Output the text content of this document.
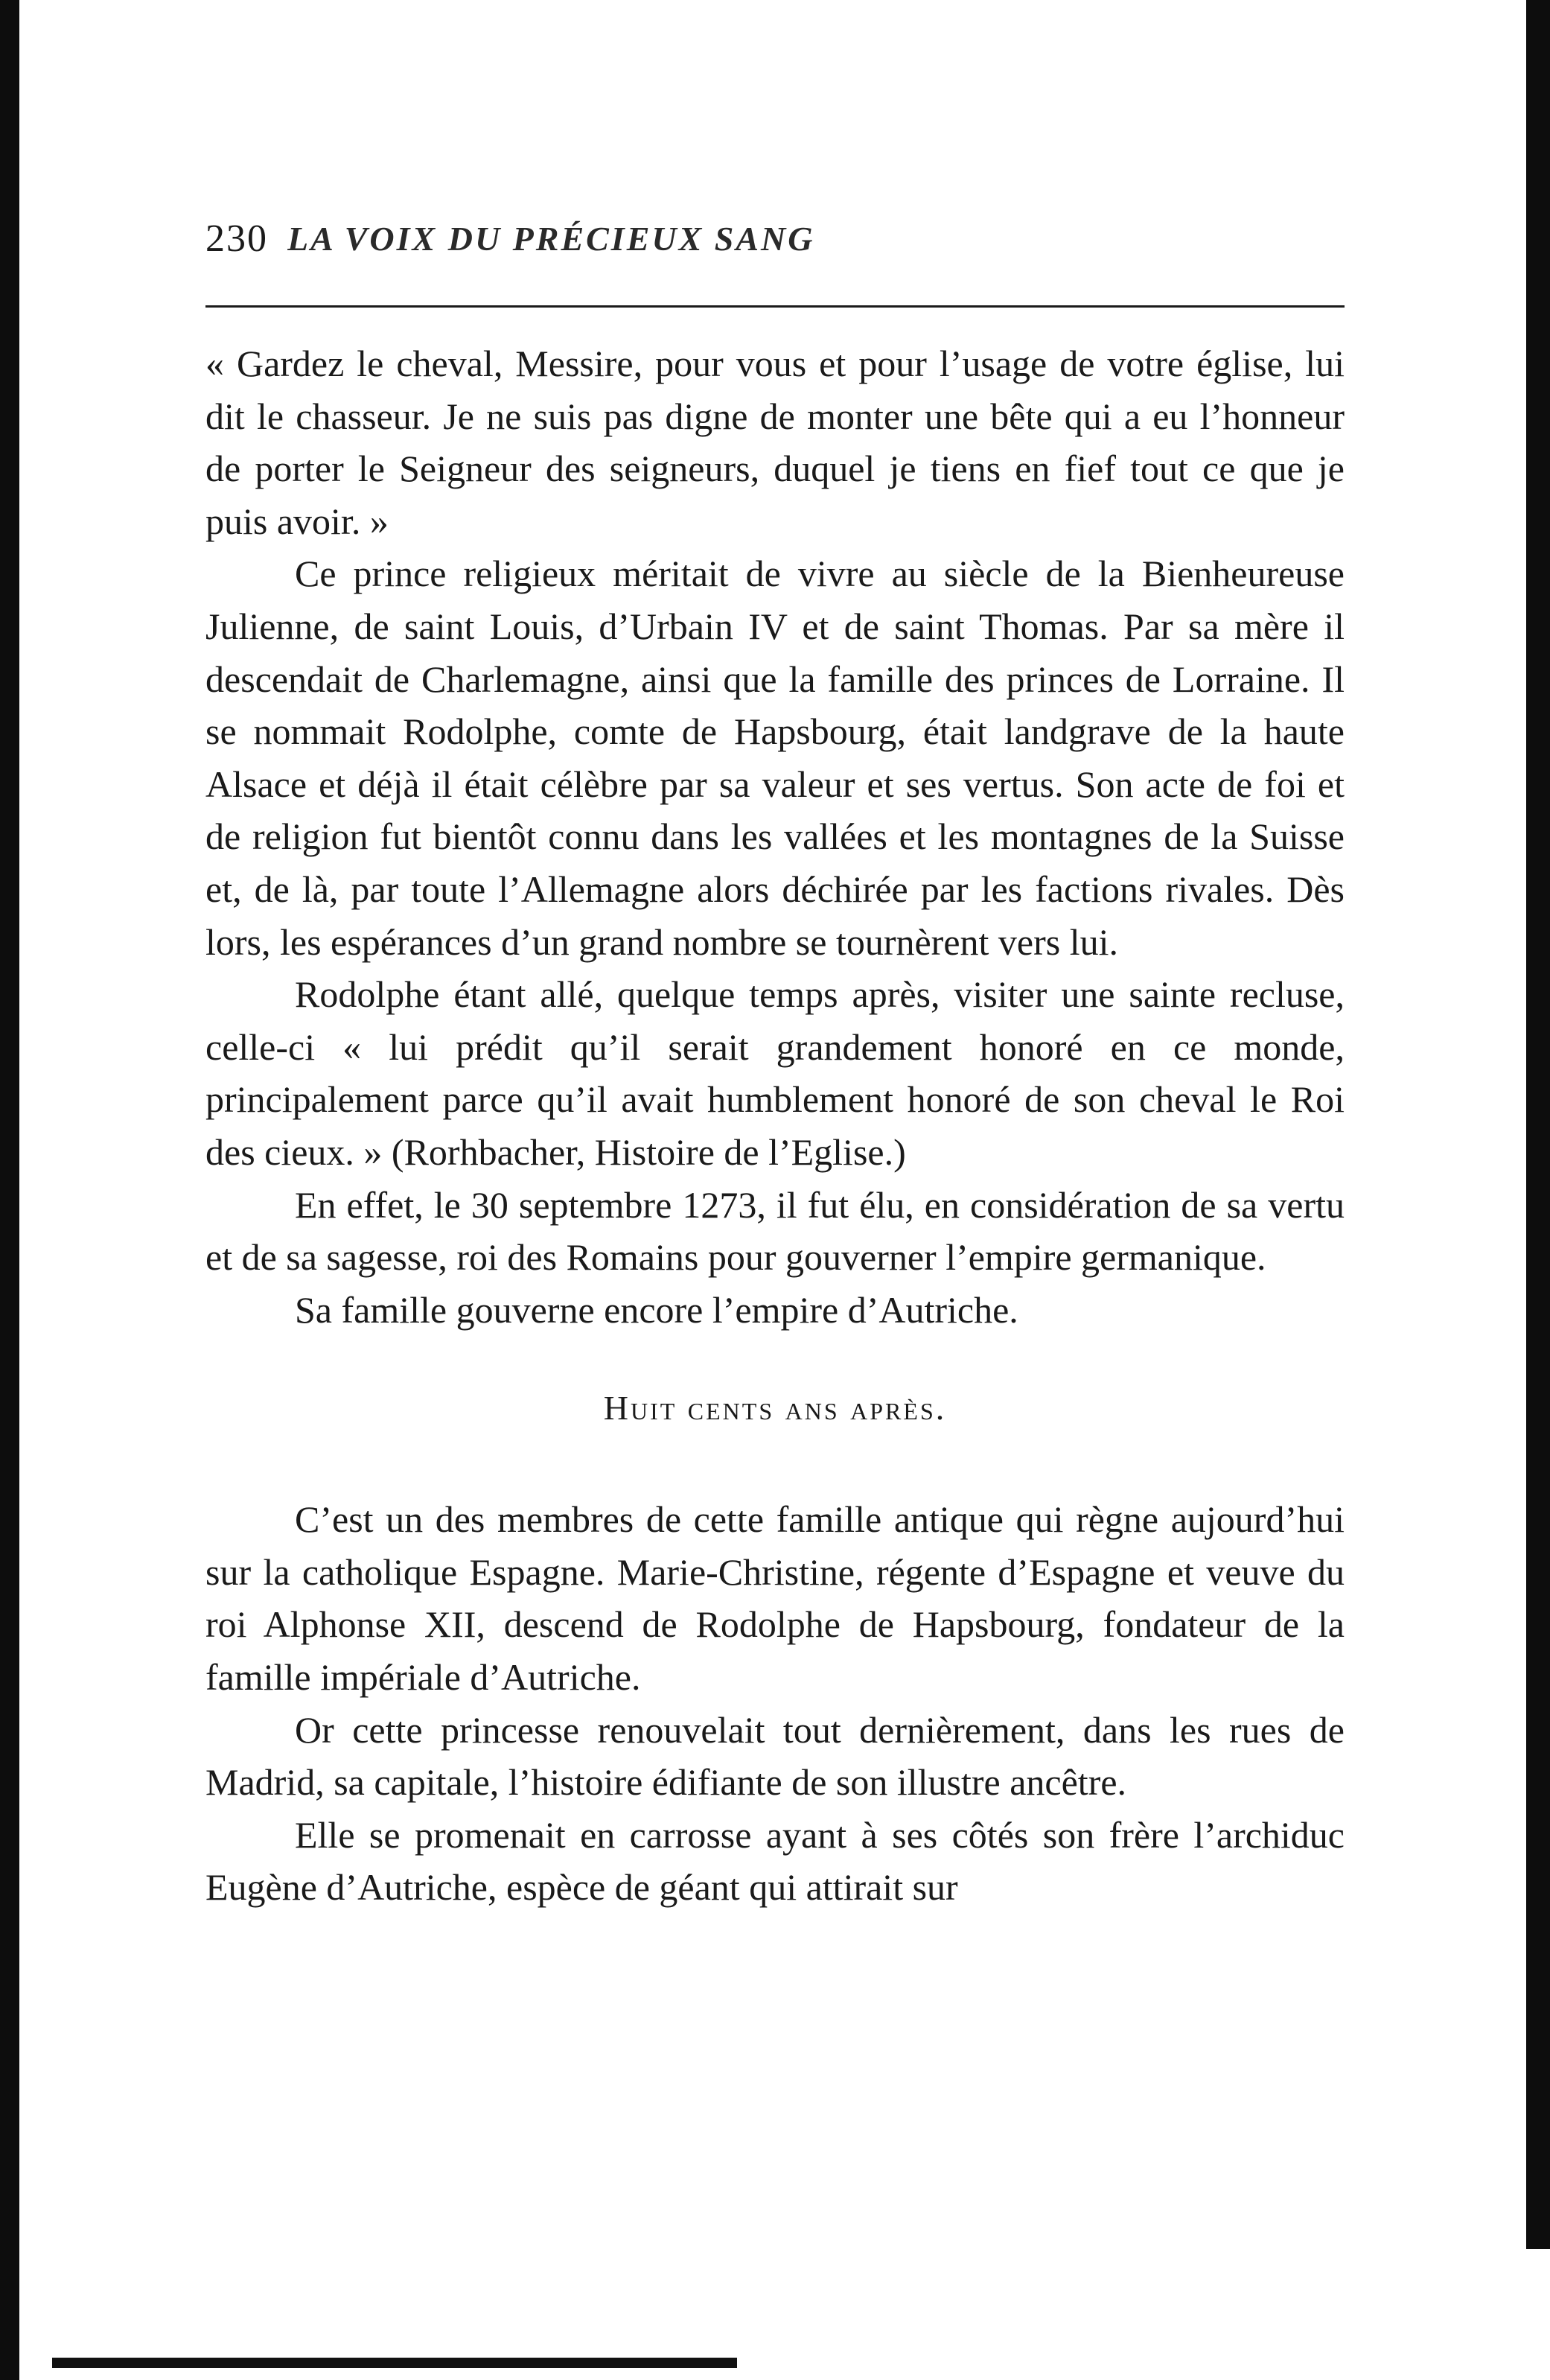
230 LA VOIX DU PRÉCIEUX SANG

« Gardez le cheval, Messire, pour vous et pour l’usage de votre église, lui dit le chasseur. Je ne suis pas digne de monter une bête qui a eu l’honneur de porter le Seigneur des seigneurs, duquel je tiens en fief tout ce que je puis avoir. »

Ce prince religieux méritait de vivre au siècle de la Bienheureuse Julienne, de saint Louis, d’Urbain IV et de saint Thomas. Par sa mère il descendait de Charlemagne, ainsi que la famille des princes de Lorraine. Il se nommait Rodolphe, comte de Hapsbourg, était landgrave de la haute Alsace et déjà il était célèbre par sa valeur et ses vertus. Son acte de foi et de religion fut bientôt connu dans les vallées et les montagnes de la Suisse et, de là, par toute l’Allemagne alors déchirée par les factions rivales. Dès lors, les espérances d’un grand nombre se tournèrent vers lui.

Rodolphe étant allé, quelque temps après, visiter une sainte recluse, celle-ci « lui prédit qu’il serait grandement honoré en ce monde, principalement parce qu’il avait humblement honoré de son cheval le Roi des cieux. » (Rorhbacher, Histoire de l’Eglise.)

En effet, le 30 septembre 1273, il fut élu, en considération de sa vertu et de sa sagesse, roi des Romains pour gouverner l’empire germanique.

Sa famille gouverne encore l’empire d’Autriche.

Huit cents ans après.

C’est un des membres de cette famille antique qui règne aujourd’hui sur la catholique Espagne. Marie-Christine, régente d’Espagne et veuve du roi Alphonse XII, descend de Rodolphe de Hapsbourg, fondateur de la famille impériale d’Autriche.

Or cette princesse renouvelait tout dernièrement, dans les rues de Madrid, sa capitale, l’histoire édifiante de son illustre ancêtre.

Elle se promenait en carrosse ayant à ses côtés son frère l’archiduc Eugène d’Autriche, espèce de géant qui attirait sur
